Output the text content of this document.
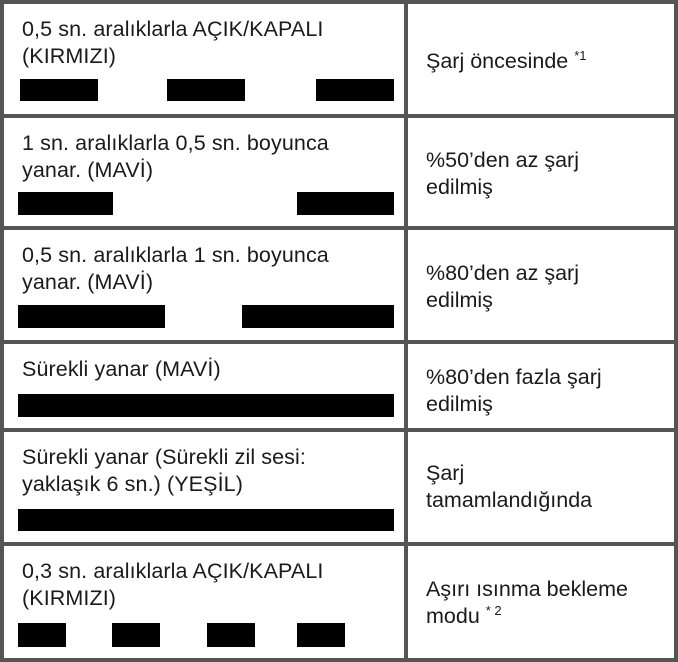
0,5 sn. aralıklarla AÇIK/KAPALI
(KIRMIZI)	Şarj öncesinde $^{*1}$
1 sn. aralıklarla 0,5 sn. boyunca
yanar. (MAVİ)	%50’den az şarj
edilmiş
0,5 sn. aralıklarla 1 sn. boyunca
yanar. (MAVİ)	%80’den az şarj
edilmiş
Sürekli yanar (MAVİ)	%80’den fazla şarj
edilmiş
Sürekli yanar (Sürekli zil sesi:
yaklaşık 6 sn.) (YEŞİL)	Şarj
tamamlandığında
0,3 sn. aralıklarla AÇIK/KAPALI
(KIRMIZI)	Aşırı ısınma bekleme
modu $^{* 2}$
